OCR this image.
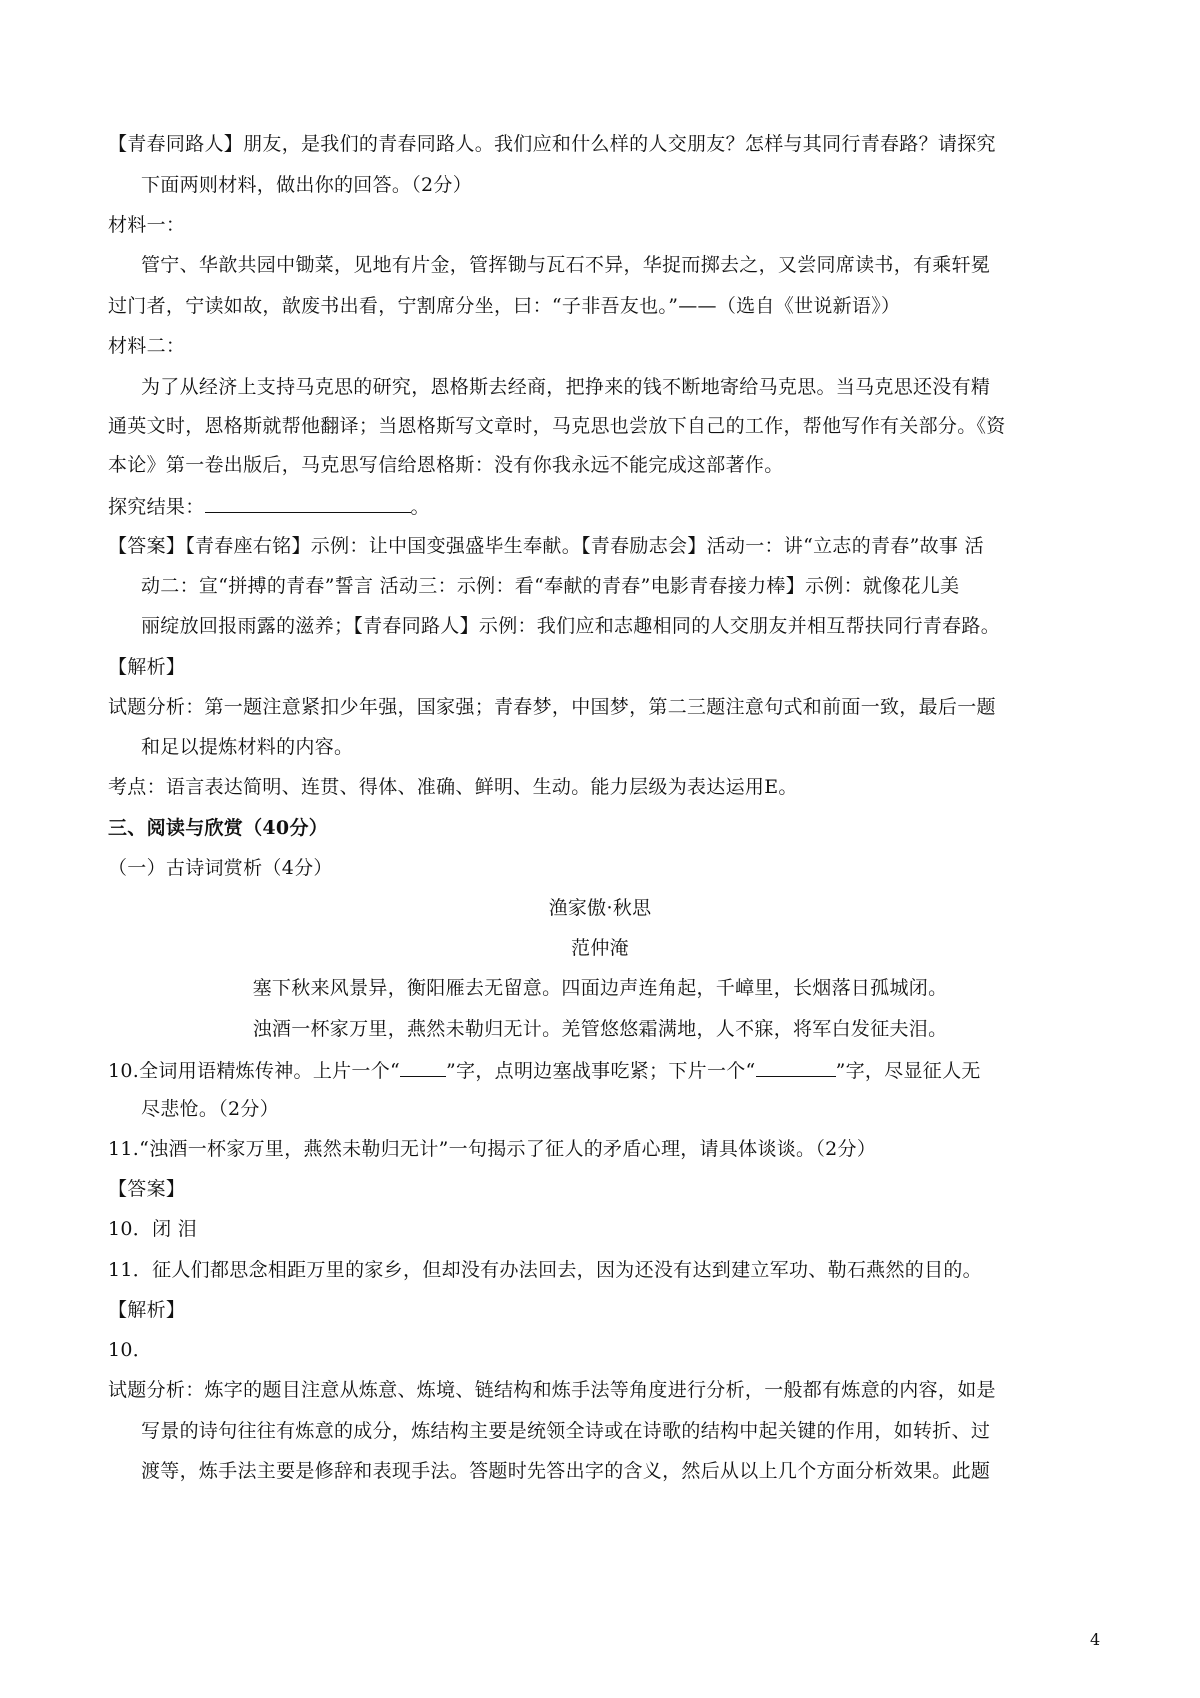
【青春同路人】朋友，是我们的青春同路人。我们应和什么样的人交朋友？怎样与其同行青春路？请探究
下面两则材料，做出你的回答。（2分）
材料一：
管宁、华歆共园中锄菜，见地有片金，管挥锄与瓦石不异，华捉而掷去之，又尝同席读书，有乘轩冕
过门者，宁读如故，歆废书出看，宁割席分坐，曰：“子非吾友也。”——（选自《世说新语》）
材料二：
为了从经济上支持马克思的研究，恩格斯去经商，把挣来的钱不断地寄给马克思。当马克思还没有精
通英文时，恩格斯就帮他翻译；当恩格斯写文章时，马克思也尝放下自己的工作，帮他写作有关部分。《资
本论》第一卷出版后，马克思写信给恩格斯：没有你我永远不能完成这部著作。
探究结果：	。
【答案】【青春座右铭】示例：让中国变强盛毕生奉献。【青春励志会】活动一：讲“立志的青春”故事 活
动二：宣“拼搏的青春”誓言 活动三：示例：看“奉献的青春”电影青春接力棒】示例：就像花儿美
丽绽放回报雨露的滋养；【青春同路人】示例：我们应和志趣相同的人交朋友并相互帮扶同行青春路。
【解析】
试题分析：第一题注意紧扣少年强，国家强；青春梦，中国梦，第二三题注意句式和前面一致，最后一题
和足以提炼材料的内容。
考点：语言表达简明、连贯、得体、准确、鲜明、生动。能力层级为表达运用E。
三、阅读与欣赏（40分）
（一）古诗词赏析（4分）
渔家傲·秋思
范仲淹
塞下秋来风景异，衡阳雁去无留意。四面边声连角起，千嶂里，长烟落日孤城闭。
浊酒一杯家万里，燕然未勒归无计。羌管悠悠霜满地，人不寐，将军白发征夫泪。
10.全词用语精炼传神。上片一个“ ”字，点明边塞战事吃紧；下片一个“	”字，尽显征人无
尽悲怆。（2分）
11.“浊酒一杯家万里，燕然未勒归无计”一句揭示了征人的矛盾心理，请具体谈谈。（2分）
【答案】
10．闭 泪
11．征人们都思念相距万里的家乡，但却没有办法回去，因为还没有达到建立军功、勒石燕然的目的。
【解析】
10．
试题分析：炼字的题目注意从炼意、炼境、链结构和炼手法等角度进行分析，一般都有炼意的内容，如是
写景的诗句往往有炼意的成分，炼结构主要是统领全诗或在诗歌的结构中起关键的作用，如转折、过
渡等，炼手法主要是修辞和表现手法。答题时先答出字的含义，然后从以上几个方面分析效果。此题
4
